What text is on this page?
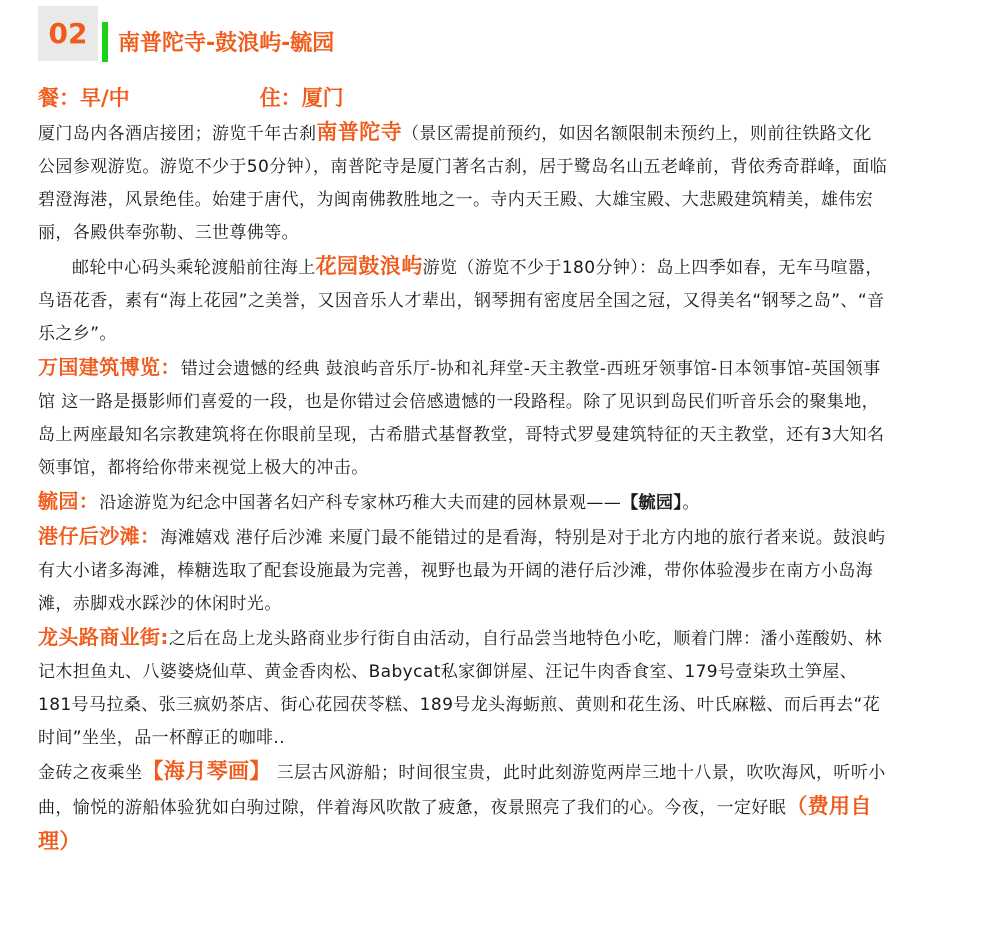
02 南普陀寺-鼓浪屿-毓园
餐：早/中	住：厦门

厦门岛内各酒店接团；游览千年古刹南普陀寺（景区需提前预约，如因名额限制未预约上，则前往铁路文化公园参观游览。游览不少于50分钟），南普陀寺是厦门著名古刹，居于鹭岛名山五老峰前，背依秀奇群峰，面临碧澄海港，风景绝佳。始建于唐代，为闽南佛教胜地之一。寺内天王殿、大雄宝殿、大悲殿建筑精美，雄伟宏丽，各殿供奉弥勒、三世尊佛等。

邮轮中心码头乘轮渡船前往海上花园鼓浪屿游览（游览不少于180分钟）：岛上四季如春，无车马喧嚣，鸟语花香，素有“海上花园”之美誉，又因音乐人才辈出，钢琴拥有密度居全国之冠，又得美名“钢琴之岛”、“音乐之乡”。

万国建筑博览：错过会遗憾的经典 鼓浪屿音乐厅-协和礼拜堂-天主教堂-西班牙领事馆-日本领事馆-英国领事馆 这一路是摄影师们喜爱的一段，也是你错过会倍感遗憾的一段路程。除了见识到岛民们听音乐会的聚集地，岛上两座最知名宗教建筑将在你眼前呈现，古希腊式基督教堂，哥特式罗曼建筑特征的天主教堂，还有3大知名领事馆，都将给你带来视觉上极大的冲击。

毓园：沿途游览为纪念中国著名妇产科专家林巧稚大夫而建的园林景观——【毓园】。

港仔后沙滩：海滩嬉戏 港仔后沙滩 来厦门最不能错过的是看海，特别是对于北方内地的旅行者来说。鼓浪屿有大小诸多海滩，棒糖选取了配套设施最为完善，视野也最为开阔的港仔后沙滩，带你体验漫步在南方小岛海滩，赤脚戏水踩沙的休闲时光。

龙头路商业街:之后在岛上龙头路商业步行街自由活动，自行品尝当地特色小吃，顺着门牌：潘小莲酸奶、林记木担鱼丸、八婆婆烧仙草、黄金香肉松、Babycat私家御饼屋、汪记牛肉香食室、179号壹柒玖土笋屋、181号马拉桑、张三疯奶茶店、街心花园茯苓糕、189号龙头海蛎煎、黄则和花生汤、叶氏麻糍、而后再去“花时间”坐坐，品一杯醇正的咖啡..

金砖之夜乘坐【海月琴画】 三层古风游船；时间很宝贵，此时此刻游览两岸三地十八景，吹吹海风，听听小曲，愉悦的游船体验犹如白驹过隙，伴着海风吹散了疲惫，夜景照亮了我们的心。今夜，一定好眠（费用自理）
